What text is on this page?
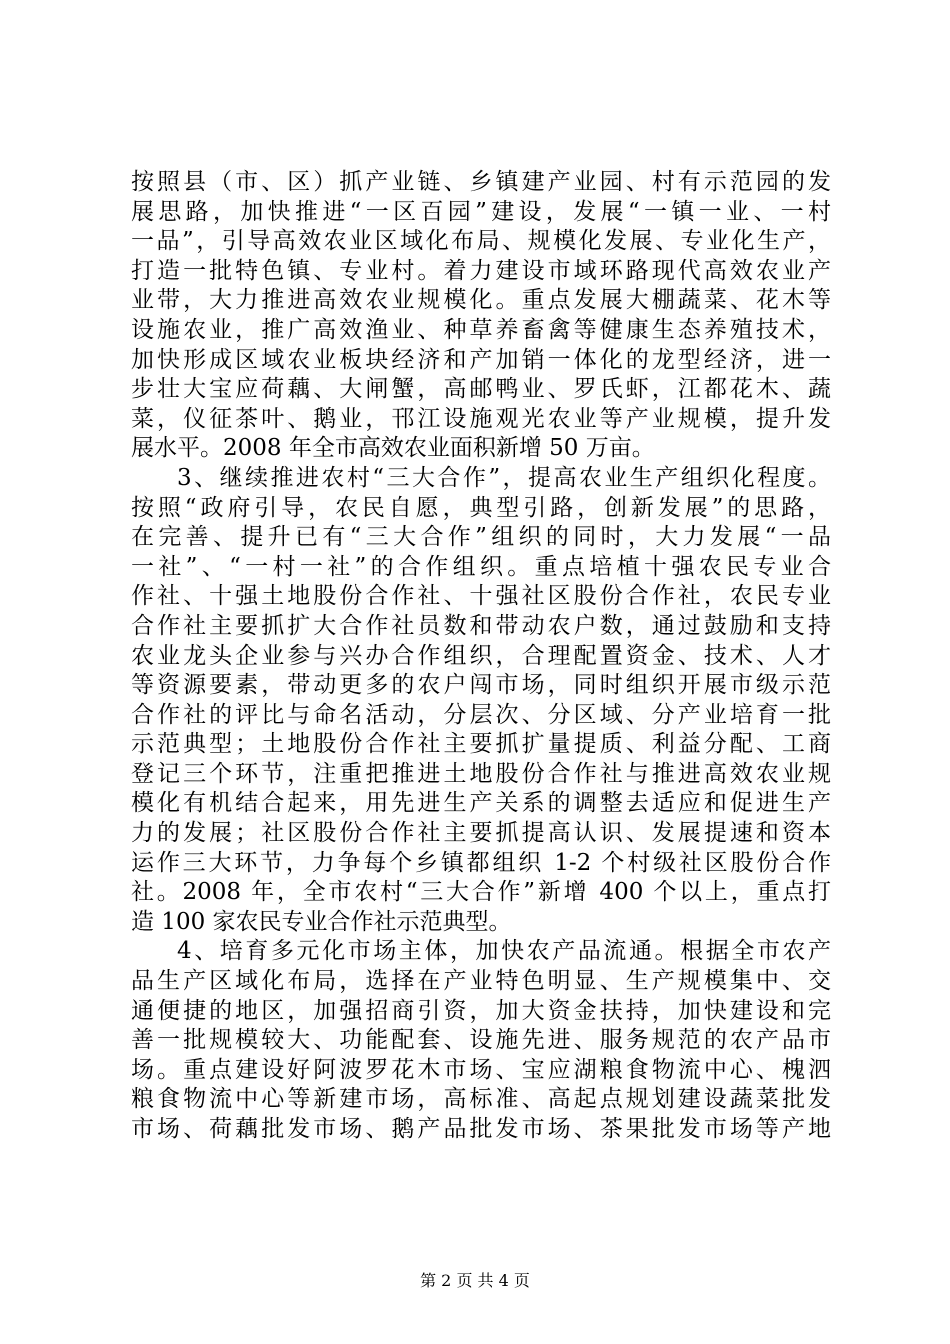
按照县（市、区）抓产业链、乡镇建产业园、村有示范园的发
展思路，加快推进“一区百园”建设，发展“一镇一业、一村
一品”，引导高效农业区域化布局、规模化发展、专业化生产，
打造一批特色镇、专业村。着力建设市域环路现代高效农业产
业带，大力推进高效农业规模化。重点发展大棚蔬菜、花木等
设施农业，推广高效渔业、种草养畜禽等健康生态养殖技术，
加快形成区域农业板块经济和产加销一体化的龙型经济，进一
步壮大宝应荷藕、大闸蟹，高邮鸭业、罗氏虾，江都花木、蔬
菜，仪征茶叶、鹅业，邗江设施观光农业等产业规模，提升发
展水平。2008 年全市高效农业面积新增 50 万亩。
3、继续推进农村“三大合作”，提高农业生产组织化程度。
按照“政府引导，农民自愿，典型引路，创新发展”的思路，
在完善、提升已有“三大合作”组织的同时，大力发展“一品
一社”、“一村一社”的合作组织。重点培植十强农民专业合
作社、十强土地股份合作社、十强社区股份合作社，农民专业
合作社主要抓扩大合作社员数和带动农户数，通过鼓励和支持
农业龙头企业参与兴办合作组织，合理配置资金、技术、人才
等资源要素，带动更多的农户闯市场，同时组织开展市级示范
合作社的评比与命名活动，分层次、分区域、分产业培育一批
示范典型；土地股份合作社主要抓扩量提质、利益分配、工商
登记三个环节，注重把推进土地股份合作社与推进高效农业规
模化有机结合起来，用先进生产关系的调整去适应和促进生产
力的发展；社区股份合作社主要抓提高认识、发展提速和资本
运作三大环节，力争每个乡镇都组织 1-2 个村级社区股份合作
社。2008 年，全市农村“三大合作”新增 400 个以上，重点打
造 100 家农民专业合作社示范典型。
4、培育多元化市场主体，加快农产品流通。根据全市农产
品生产区域化布局，选择在产业特色明显、生产规模集中、交
通便捷的地区，加强招商引资，加大资金扶持，加快建设和完
善一批规模较大、功能配套、设施先进、服务规范的农产品市
场。重点建设好阿波罗花木市场、宝应湖粮食物流中心、槐泗
粮食物流中心等新建市场，高标准、高起点规划建设蔬菜批发
市场、荷藕批发市场、鹅产品批发市场、茶果批发市场等产地
第 2 页 共 4 页
